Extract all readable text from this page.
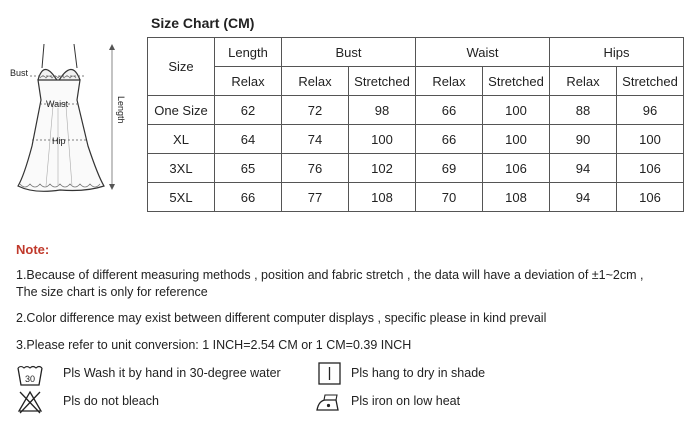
Bust
Waist
Hip
Length
Size Chart (CM)
Size	Length	Bust		Waist		Hips	
	Relax	Relax	Stretched	Relax	Stretched	Relax	Stretched
One Size	62	72	98	66	100	88	96
XL	64	74	100	66	100	90	100
3XL	65	76	102	69	106	94	106
5XL	66	77	108	70	108	94	106
Note:
1.Because of different measuring methods , position and fabric stretch , the data will have a deviation of ±1~2cm ,
The size chart is only for reference
2.Color difference may exist between different computer displays , specific please in kind prevail
3.Please refer to unit conversion: 1 INCH=2.54 CM or 1 CM=0.39 INCH
30 Pls Wash it by hand in 30-degree water	Pls hang to dry in shade
Pls do not bleach	Pls iron on low heat
